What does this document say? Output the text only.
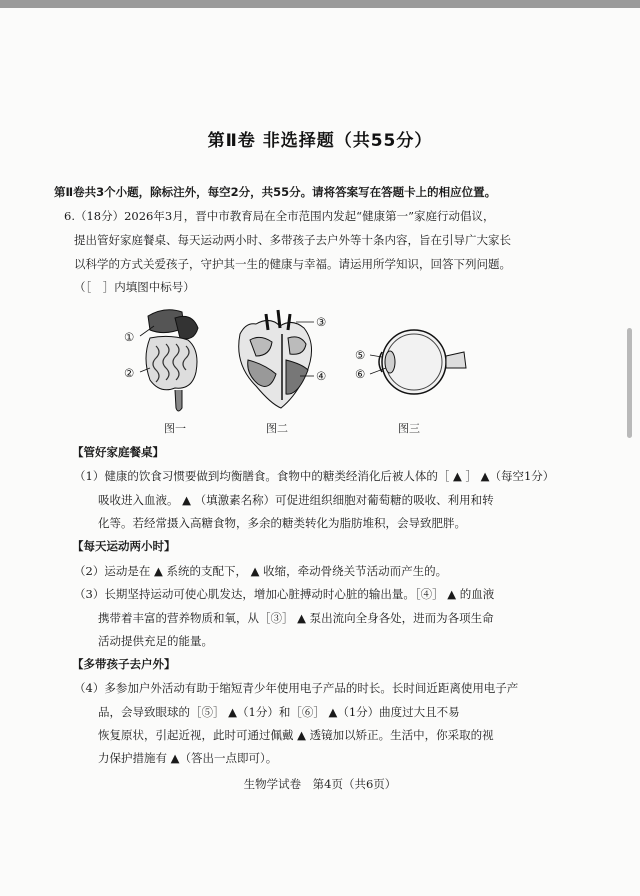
第Ⅱ卷 非选择题（共55分）
第Ⅱ卷共3个小题，除标注外，每空2分，共55分。请将答案写在答题卡上的相应位置。
6.（18分）2026年3月，晋中市教育局在全市范围内发起“健康第一”家庭行动倡议，
提出管好家庭餐桌、每天运动两小时、多带孩子去户外等十条内容，旨在引导广大家长
以科学的方式关爱孩子，守护其一生的健康与幸福。请运用所学知识，回答下列问题。
（［　］内填图中标号）
①
②
③
④
⑤
⑥
图一	图二	图三
【管好家庭餐桌】
（1）健康的饮食习惯要做到均衡膳食。食物中的糖类经消化后被人体的［ ▲ ］ ▲（每空1分）
吸收进入血液。 ▲ （填激素名称）可促进组织细胞对葡萄糖的吸收、利用和转
化等。若经常摄入高糖食物，多余的糖类转化为脂肪堆积，会导致肥胖。
【每天运动两小时】
（2）运动是在 ▲ 系统的支配下， ▲ 收缩，牵动骨绕关节活动而产生的。
（3）长期坚持运动可使心肌发达，增加心脏搏动时心脏的输出量。［④］ ▲ 的血液
携带着丰富的营养物质和氧，从［③］ ▲ 泵出流向全身各处，进而为各项生命
活动提供充足的能量。
【多带孩子去户外】
（4）多参加户外活动有助于缩短青少年使用电子产品的时长。长时间近距离使用电子产
品，会导致眼球的［⑤］ ▲（1分）和［⑥］ ▲（1分）曲度过大且不易
恢复原状，引起近视，此时可通过佩戴 ▲ 透镜加以矫正。生活中，你采取的视
力保护措施有 ▲（答出一点即可）。
生物学试卷　第4页（共6页）
